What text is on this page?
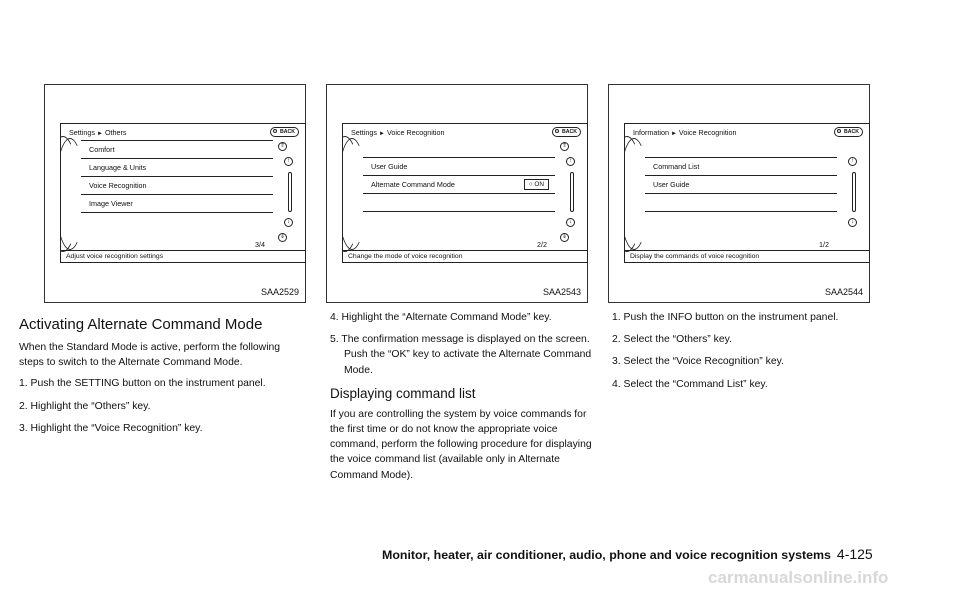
Settings ► Others	BACK
Comfort
Language & Units
Voice Recognition
Image Viewer
⇑
↑
↓
⇓
3/4
Adjust voice recognition settings
SAA2529
Settings ► Voice Recognition	BACK
User Guide
Alternate Command Mode	○ ON
⇑
↑
↓
⇓
2/2
Change the mode of voice recognition
SAA2543
Information ► Voice Recognition	BACK
Command List
User Guide
↑
↓
1/2
Display the commands of voice recognition
SAA2544
Activating Alternate Command Mode

When the Standard Mode is active, perform the following steps to switch to the Alternate Command Mode.

1. Push the SETTING button on the instrument panel.
2. Highlight the “Others” key.
3. Highlight the “Voice Recognition” key.
4. Highlight the “Alternate Command Mode” key.
5. The confirmation message is displayed on the screen. Push the “OK” key to activate the Alternate Command Mode.
Displaying command list

If you are controlling the system by voice commands for the first time or do not know the appropriate voice command, perform the following procedure for displaying the voice command list (available only in Alternate Command Mode).

1. Push the INFO button on the instrument panel.
2. Select the “Others” key.
3. Select the “Voice Recognition” key.
4. Select the “Command List” key.
Monitor, heater, air conditioner, audio, phone and voice recognition systems 4-125
carmanualsonline.info
